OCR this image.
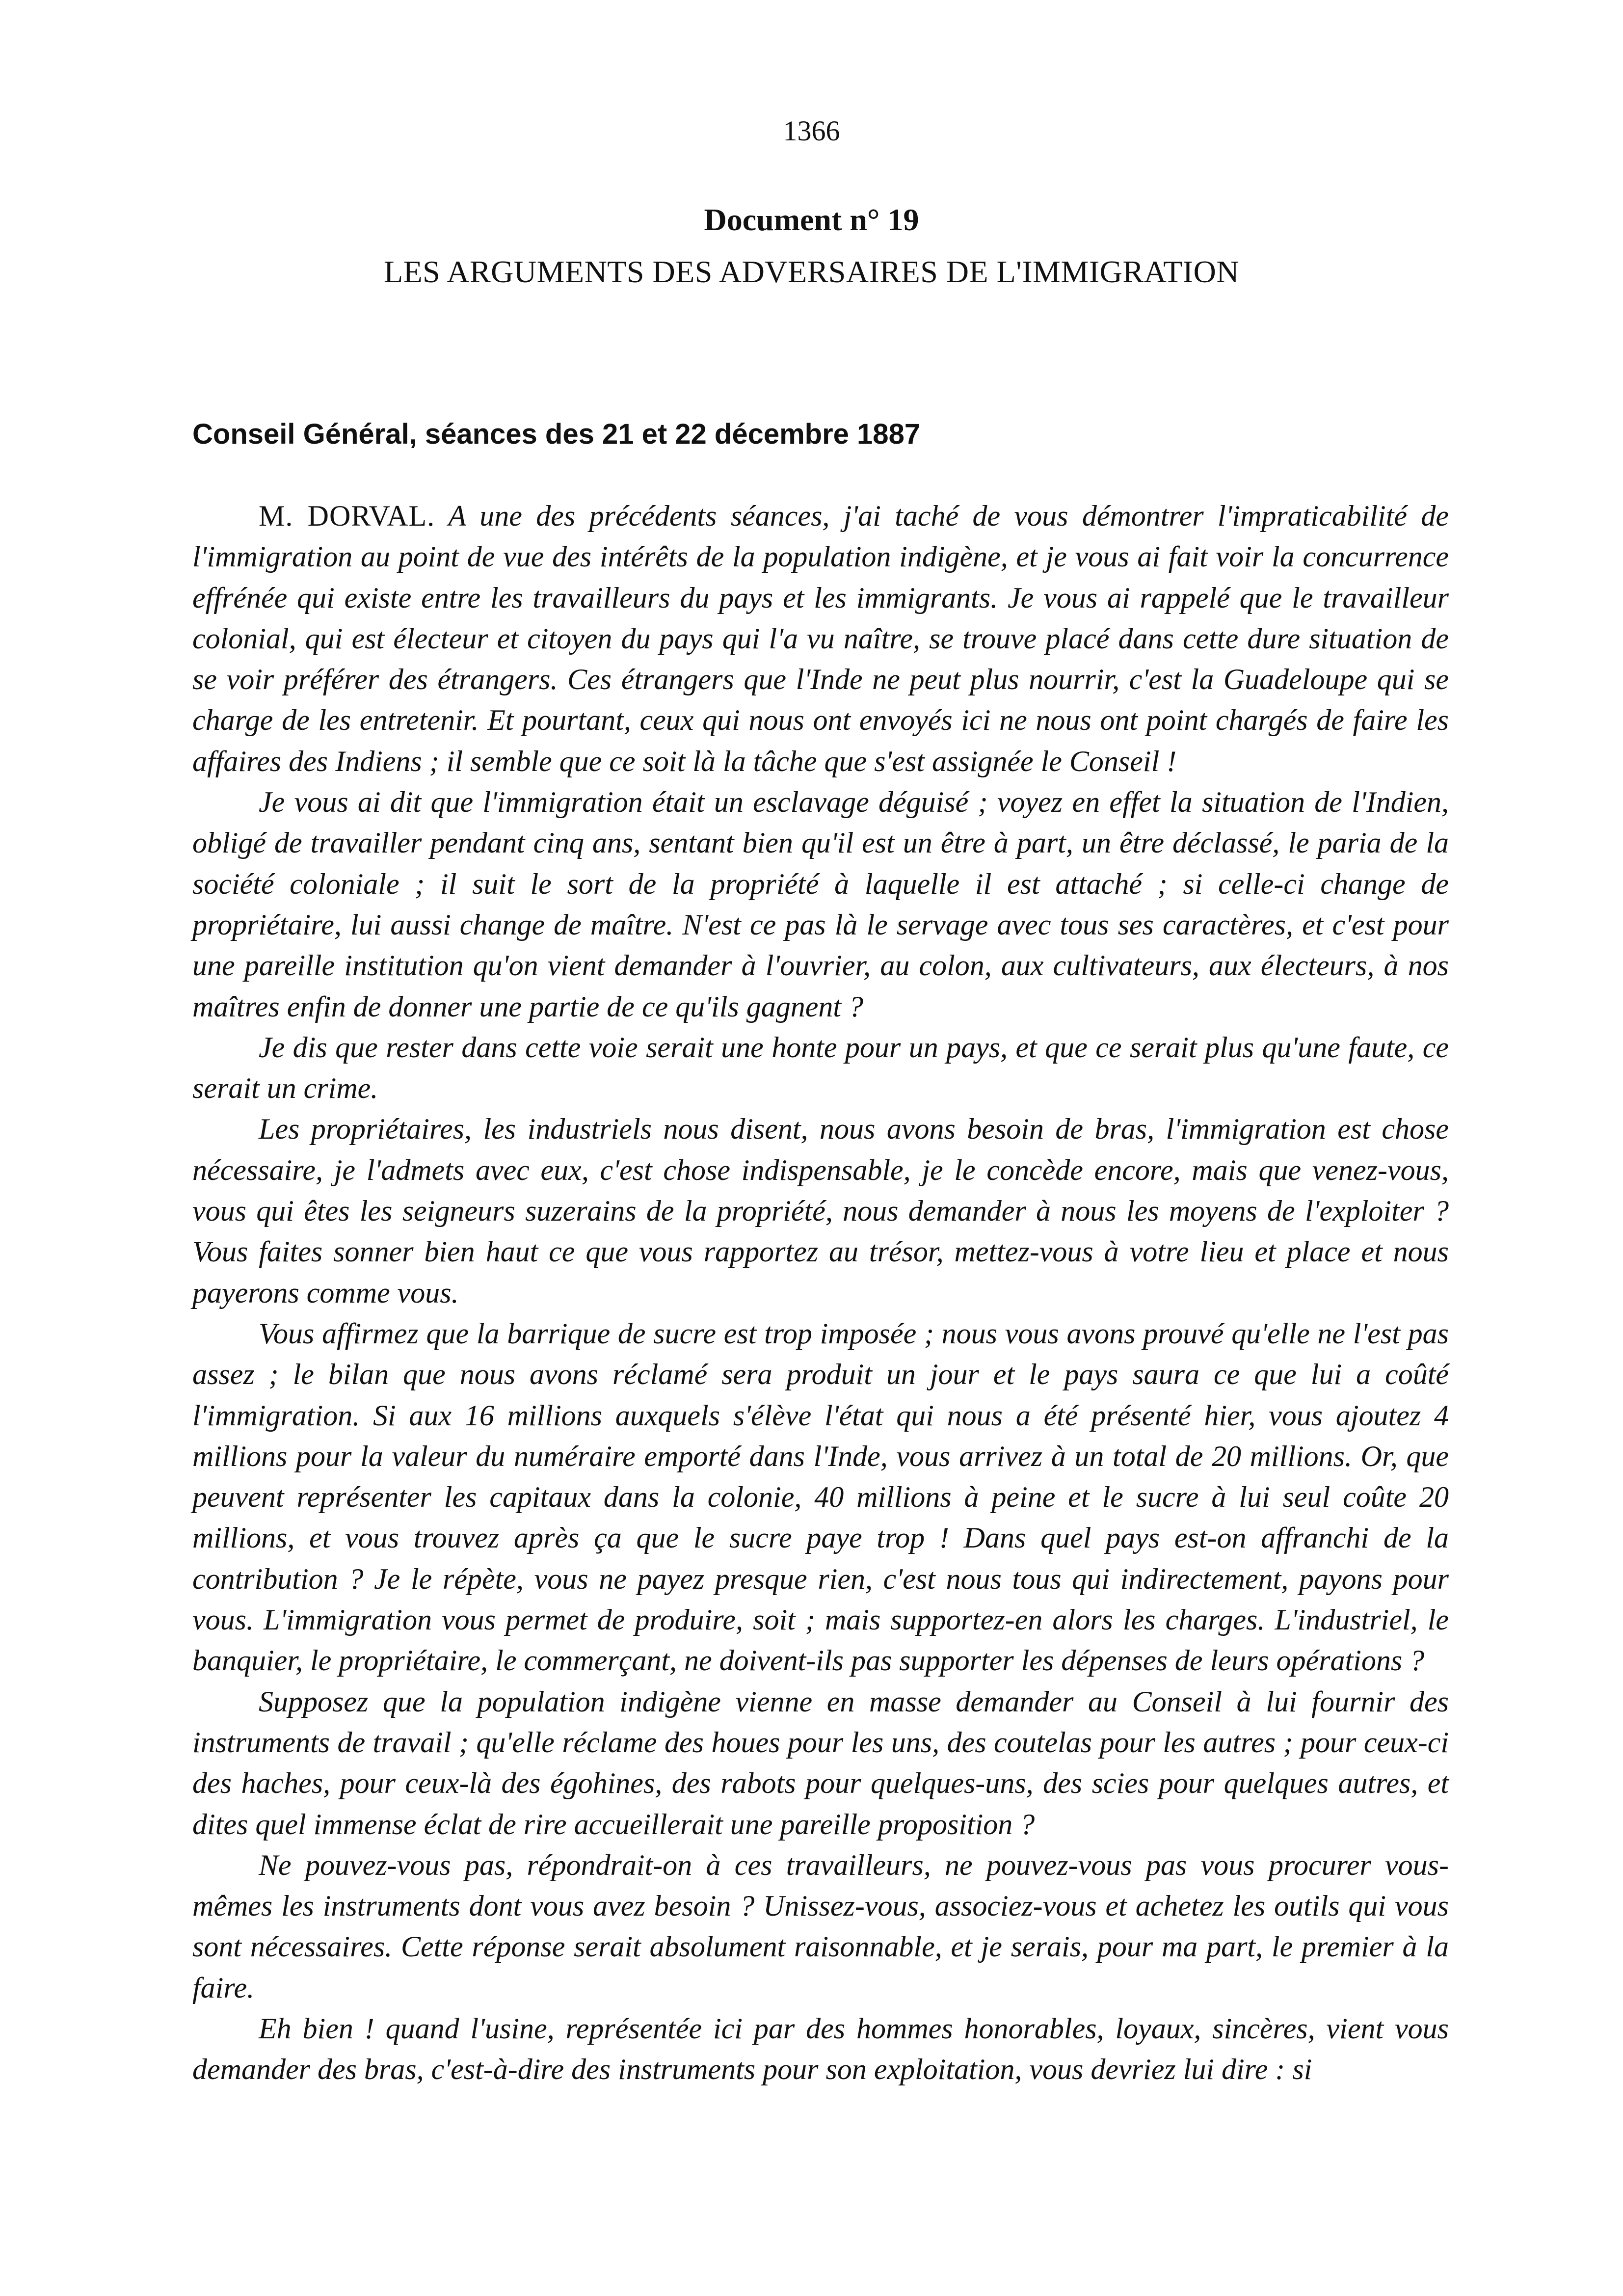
1366
Document n° 19
LES ARGUMENTS DES ADVERSAIRES DE L'IMMIGRATION
Conseil Général, séances des 21 et 22 décembre 1887

M. DORVAL. A une des précédents séances, j'ai taché de vous démontrer l'impraticabilité de l'immigration au point de vue des intérêts de la population indigène, et je vous ai fait voir la concurrence effrénée qui existe entre les travailleurs du pays et les immigrants. Je vous ai rappelé que le travailleur colonial, qui est électeur et citoyen du pays qui l'a vu naître, se trouve placé dans cette dure situation de se voir préférer des étrangers. Ces étrangers que l'Inde ne peut plus nourrir, c'est la Guadeloupe qui se charge de les entretenir. Et pourtant, ceux qui nous ont envoyés ici ne nous ont point chargés de faire les affaires des Indiens ; il semble que ce soit là la tâche que s'est assignée le Conseil !

Je vous ai dit que l'immigration était un esclavage déguisé ; voyez en effet la situation de l'Indien, obligé de travailler pendant cinq ans, sentant bien qu'il est un être à part, un être déclassé, le paria de la société coloniale ; il suit le sort de la propriété à laquelle il est attaché ; si celle-ci change de propriétaire, lui aussi change de maître. N'est ce pas là le servage avec tous ses caractères, et c'est pour une pareille institution qu'on vient demander à l'ouvrier, au colon, aux cultivateurs, aux électeurs, à nos maîtres enfin de donner une partie de ce qu'ils gagnent ?

Je dis que rester dans cette voie serait une honte pour un pays, et que ce serait plus qu'une faute, ce serait un crime.

Les propriétaires, les industriels nous disent, nous avons besoin de bras, l'immigration est chose nécessaire, je l'admets avec eux, c'est chose indispensable, je le concède encore, mais que venez-vous, vous qui êtes les seigneurs suzerains de la propriété, nous demander à nous les moyens de l'exploiter ? Vous faites sonner bien haut ce que vous rapportez au trésor, mettez-vous à votre lieu et place et nous payerons comme vous.

Vous affirmez que la barrique de sucre est trop imposée ; nous vous avons prouvé qu'elle ne l'est pas assez ; le bilan que nous avons réclamé sera produit un jour et le pays saura ce que lui a coûté l'immigration. Si aux 16 millions auxquels s'élève l'état qui nous a été présenté hier, vous ajoutez 4 millions pour la valeur du numéraire emporté dans l'Inde, vous arrivez à un total de 20 millions. Or, que peuvent représenter les capitaux dans la colonie, 40 millions à peine et le sucre à lui seul coûte 20 millions, et vous trouvez après ça que le sucre paye trop ! Dans quel pays est-on affranchi de la contribution ? Je le répète, vous ne payez presque rien, c'est nous tous qui indirectement, payons pour vous. L'immigration vous permet de produire, soit ; mais supportez-en alors les charges. L'industriel, le banquier, le propriétaire, le commerçant, ne doivent-ils pas supporter les dépenses de leurs opérations ?

Supposez que la population indigène vienne en masse demander au Conseil à lui fournir des instruments de travail ; qu'elle réclame des houes pour les uns, des coutelas pour les autres ; pour ceux-ci des haches, pour ceux-là des égohines, des rabots pour quelques-uns, des scies pour quelques autres, et dites quel immense éclat de rire accueillerait une pareille proposition ?

Ne pouvez-vous pas, répondrait-on à ces travailleurs, ne pouvez-vous pas vous procurer vous-mêmes les instruments dont vous avez besoin ? Unissez-vous, associez-vous et achetez les outils qui vous sont nécessaires. Cette réponse serait absolument raisonnable, et je serais, pour ma part, le premier à la faire.

Eh bien ! quand l'usine, représentée ici par des hommes honorables, loyaux, sincères, vient vous demander des bras, c'est-à-dire des instruments pour son exploitation, vous devriez lui dire : si
